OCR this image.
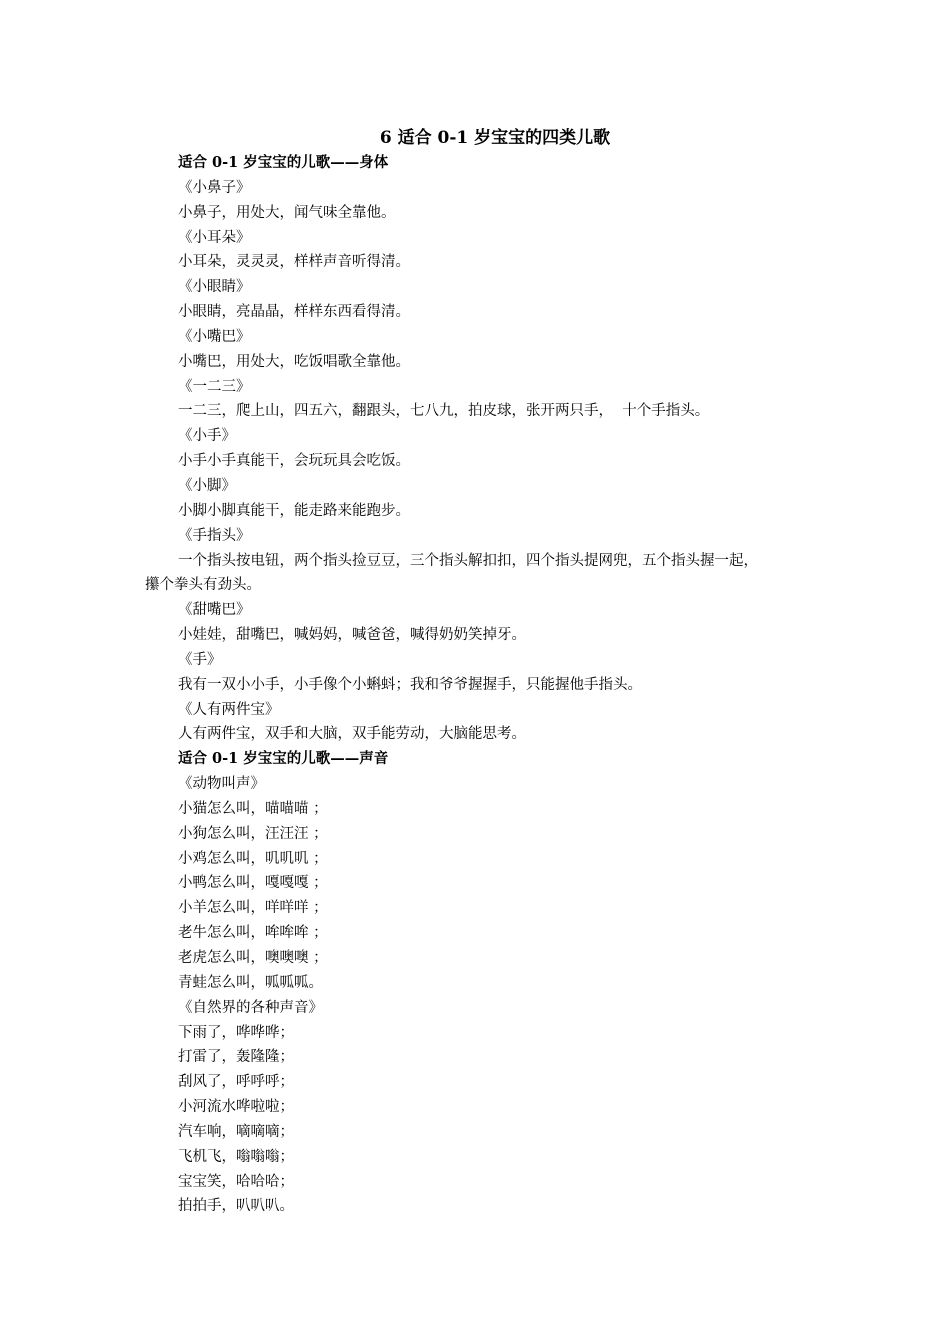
6 适合 0-1 岁宝宝的四类儿歌
适合 0-1 岁宝宝的儿歌——身体
《小鼻子》
小鼻子，用处大，闻气味全靠他。
《小耳朵》
小耳朵，灵灵灵，样样声音听得清。
《小眼睛》
小眼睛，亮晶晶，样样东西看得清。
《小嘴巴》
小嘴巴，用处大，吃饭唱歌全靠他。
《一二三》
一二三，爬上山，四五六，翻跟头，七八九，拍皮球，张开两只手，  十个手指头。
《小手》
小手小手真能干，会玩玩具会吃饭。
《小脚》
小脚小脚真能干，能走路来能跑步。
《手指头》
一个指头按电钮，两个指头捡豆豆，三个指头解扣扣，四个指头提网兜，五个指头握一起，
攥个拳头有劲头。
《甜嘴巴》
小娃娃，甜嘴巴，喊妈妈，喊爸爸，喊得奶奶笑掉牙。
《手》
我有一双小小手，小手像个小蝌蚪；我和爷爷握握手，只能握他手指头。
《人有两件宝》
人有两件宝，双手和大脑，双手能劳动，大脑能思考。
适合 0-1 岁宝宝的儿歌——声音
《动物叫声》
小猫怎么叫，喵喵喵 ；
小狗怎么叫，汪汪汪 ；
小鸡怎么叫，叽叽叽 ；
小鸭怎么叫，嘎嘎嘎 ；
小羊怎么叫，咩咩咩 ；
老牛怎么叫，哞哞哞 ；
老虎怎么叫，噢噢噢 ；
青蛙怎么叫，呱呱呱。
《自然界的各种声音》
下雨了，哗哗哗；
打雷了，轰隆隆；
刮风了，呼呼呼；
小河流水哗啦啦；
汽车响，嘀嘀嘀；
飞机飞，嗡嗡嗡；
宝宝笑，哈哈哈；
拍拍手，叭叭叭。
